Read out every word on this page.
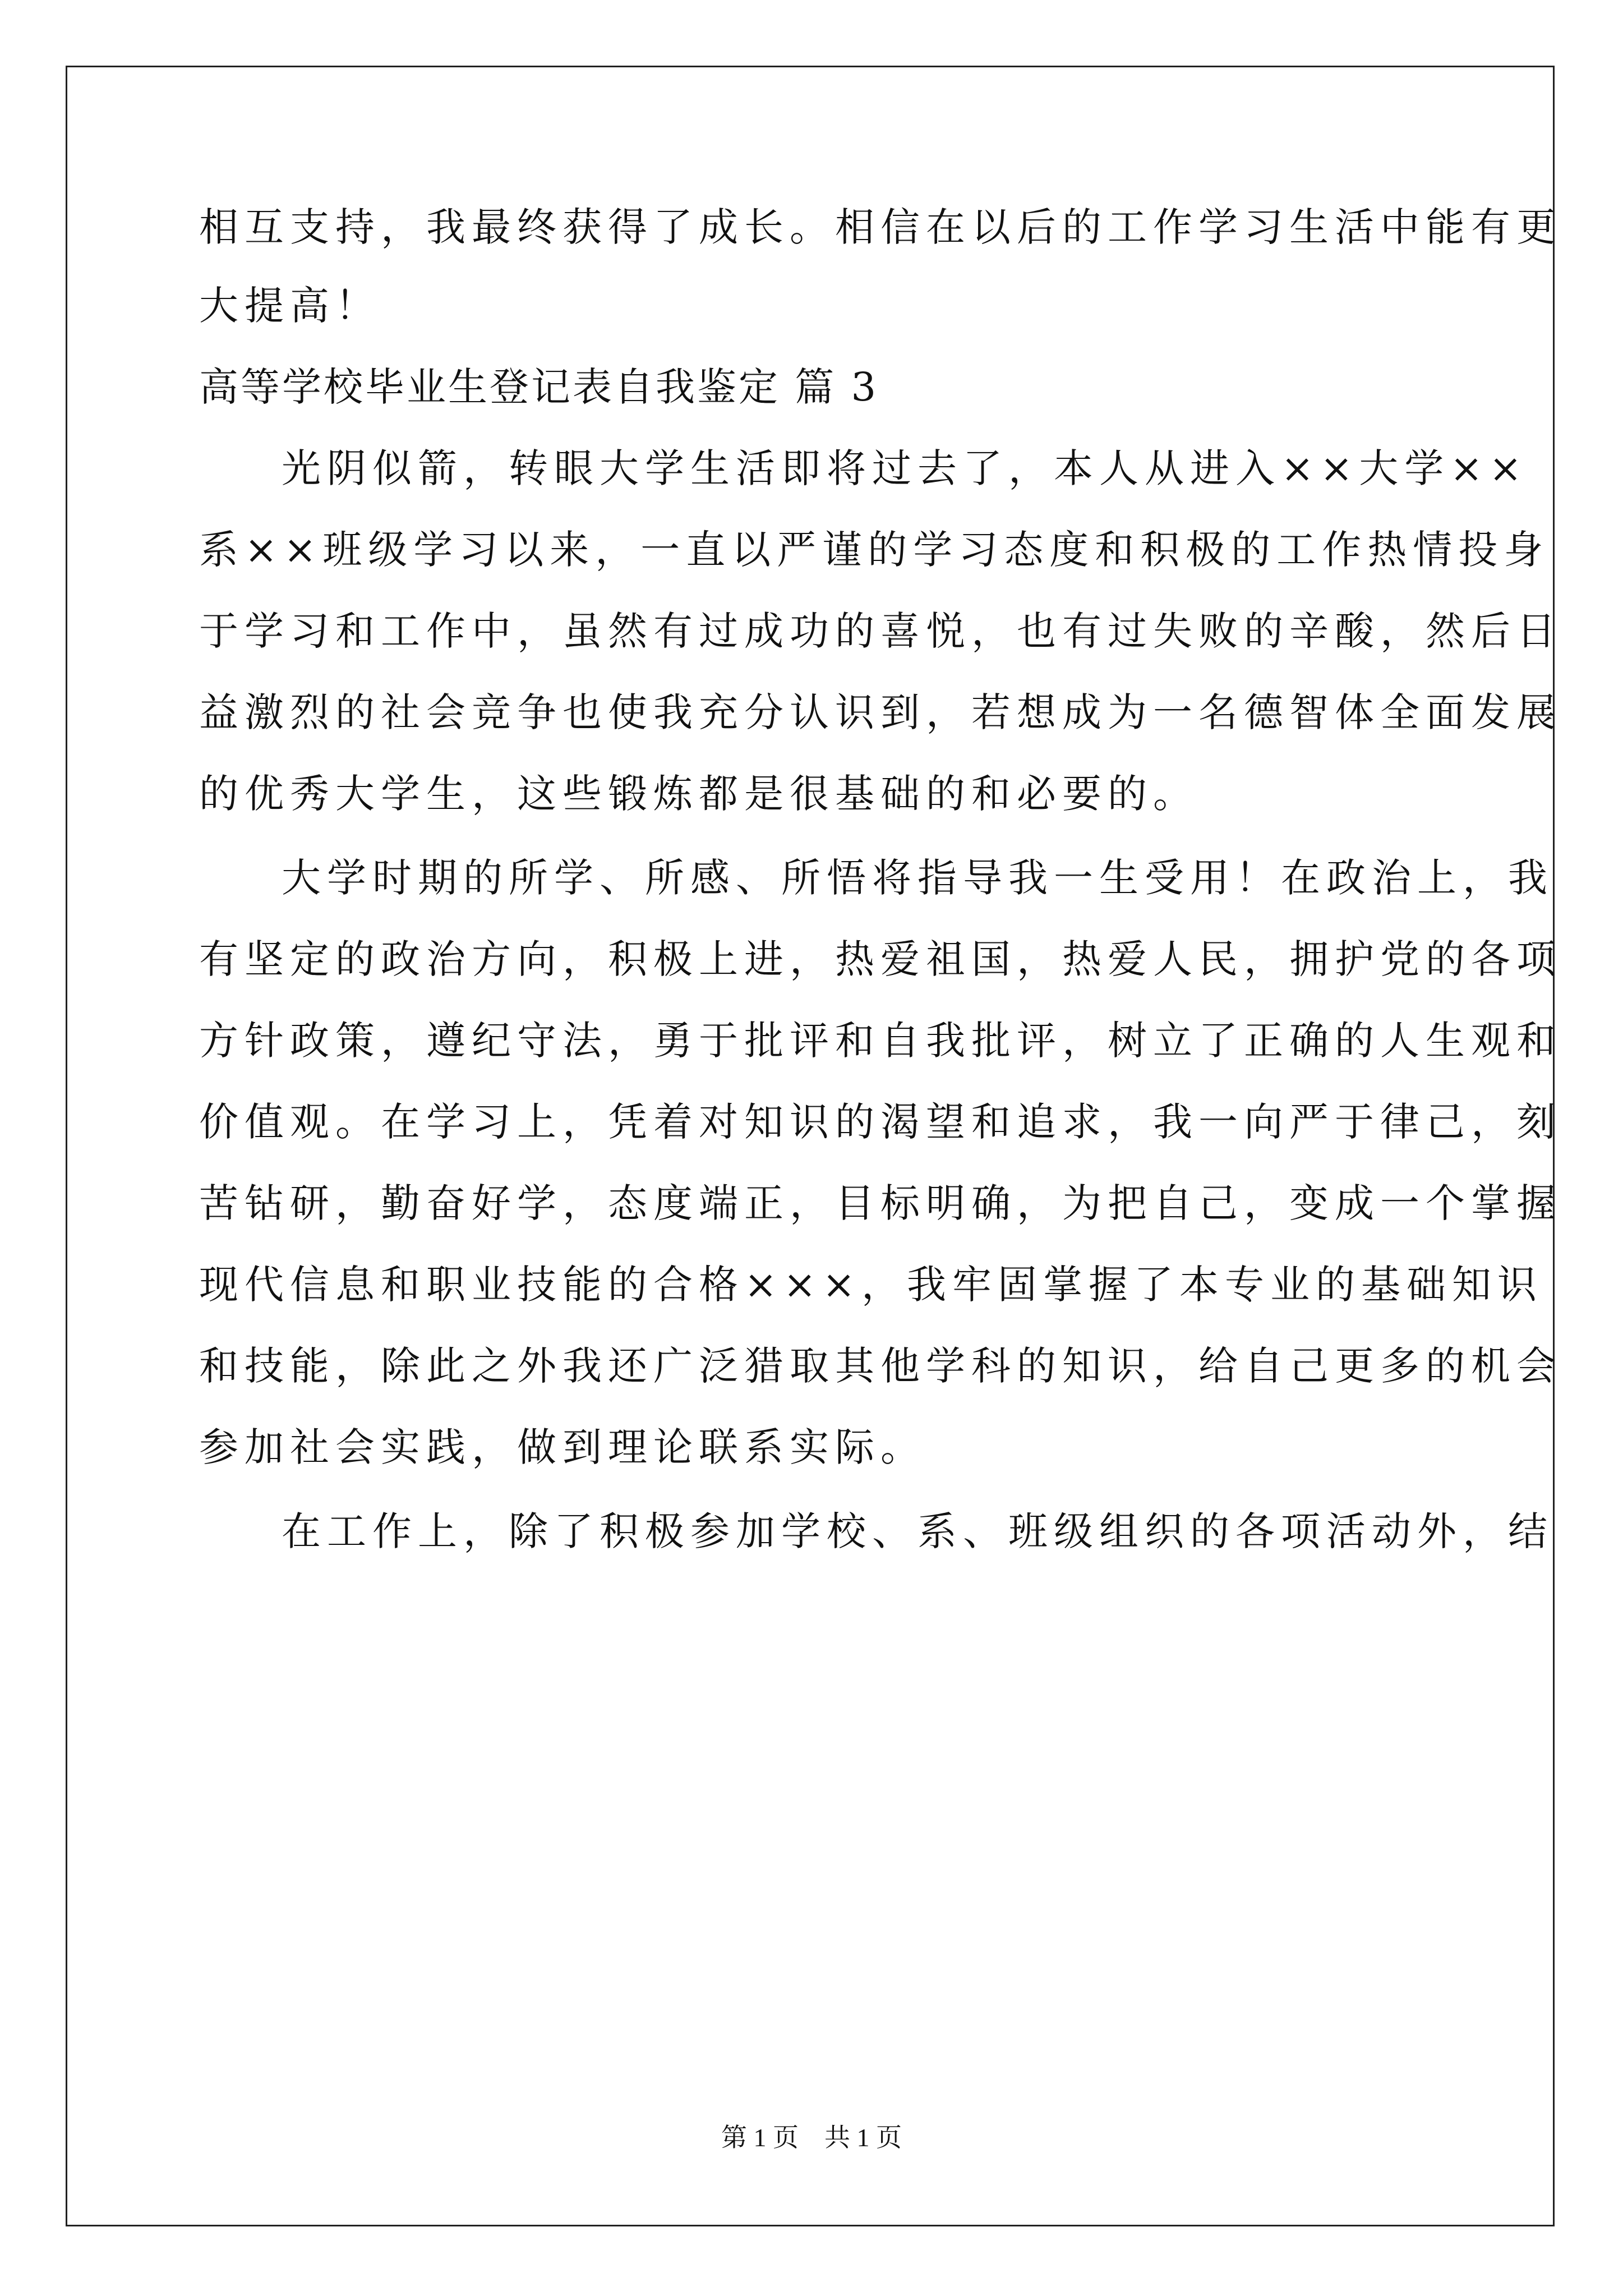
相互支持，我最终获得了成长。相信在以后的工作学习生活中能有更
大提高！
高等学校毕业生登记表自我鉴定 篇 3
光阴似箭，转眼大学生活即将过去了，本人从进入××大学××
系××班级学习以来，一直以严谨的学习态度和积极的工作热情投身
于学习和工作中，虽然有过成功的喜悦，也有过失败的辛酸，然后日
益激烈的社会竞争也使我充分认识到，若想成为一名德智体全面发展
的优秀大学生，这些锻炼都是很基础的和必要的。
大学时期的所学、所感、所悟将指导我一生受用！在政治上，我
有坚定的政治方向，积极上进，热爱祖国，热爱人民，拥护党的各项
方针政策，遵纪守法，勇于批评和自我批评，树立了正确的人生观和
价值观。在学习上，凭着对知识的渴望和追求，我一向严于律己，刻
苦钻研，勤奋好学，态度端正，目标明确，为把自己，变成一个掌握
现代信息和职业技能的合格×××，我牢固掌握了本专业的基础知识
和技能，除此之外我还广泛猎取其他学科的知识，给自己更多的机会
参加社会实践，做到理论联系实际。
在工作上，除了积极参加学校、系、班级组织的各项活动外，结
第 1 页　共 1 页
